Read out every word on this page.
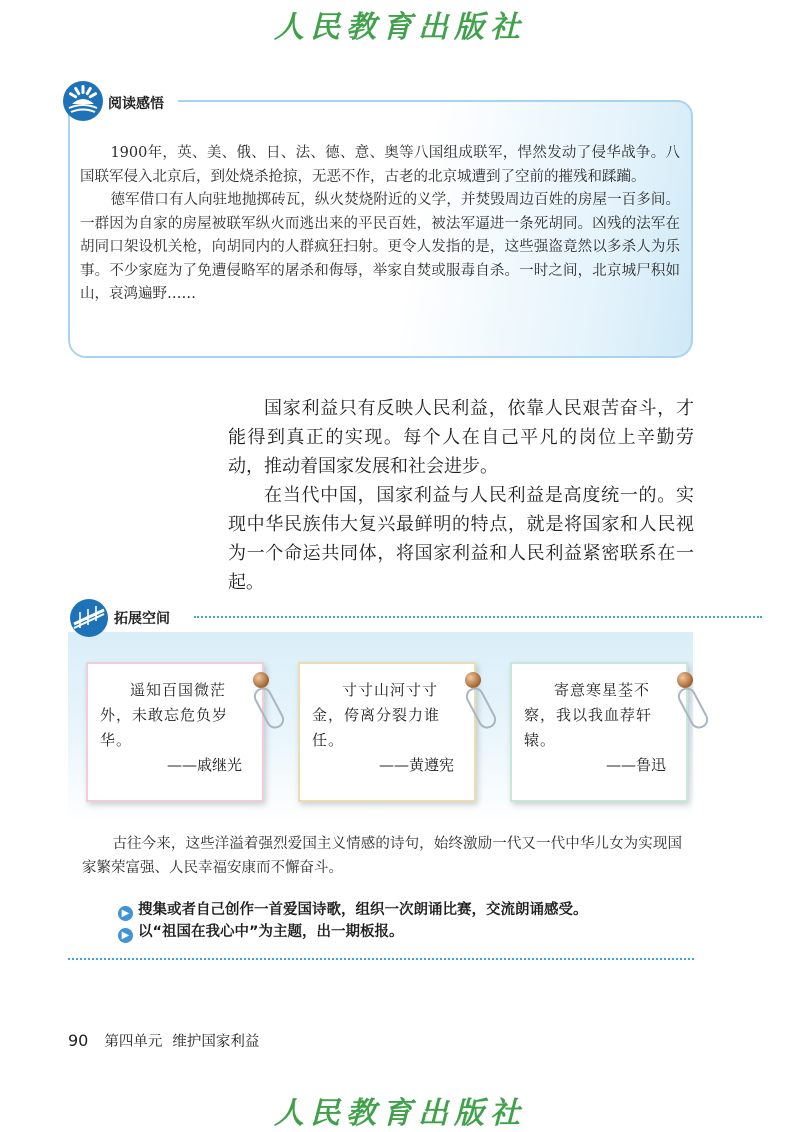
人民教育出版社
阅读感悟

1900年，英、美、俄、日、法、德、意、奥等八国组成联军，悍然发动了侵华战争。八国联军侵入北京后，到处烧杀抢掠，无恶不作，古老的北京城遭到了空前的摧残和蹂躏。

德军借口有人向驻地抛掷砖瓦，纵火焚烧附近的义学，并焚毁周边百姓的房屋一百多间。一群因为自家的房屋被联军纵火而逃出来的平民百姓，被法军逼进一条死胡同。凶残的法军在胡同口架设机关枪，向胡同内的人群疯狂扫射。更令人发指的是，这些强盗竟然以多杀人为乐事。不少家庭为了免遭侵略军的屠杀和侮辱，举家自焚或服毒自杀。一时之间，北京城尸积如山，哀鸿遍野……

国家利益只有反映人民利益，依靠人民艰苦奋斗，才能得到真正的实现。每个人在自己平凡的岗位上辛勤劳动，推动着国家发展和社会进步。

在当代中国，国家利益与人民利益是高度统一的。实现中华民族伟大复兴最鲜明的特点，就是将国家和人民视为一个命运共同体，将国家利益和人民利益紧密联系在一起。

拓展空间
遥知百国微茫外，未敢忘危负岁华。
——戚继光
寸寸山河寸寸金，侉离分裂力谁任。
——黄遵宪
寄意寒星荃不察，我以我血荐轩辕。
——鲁迅

古往今来，这些洋溢着强烈爱国主义情感的诗句，始终激励一代又一代中华儿女为实现国家繁荣富强、人民幸福安康而不懈奋斗。

▶ 搜集或者自己创作一首爱国诗歌，组织一次朗诵比赛，交流朗诵感受。
▶ 以“祖国在我心中”为主题，出一期板报。
90 第四单元 维护国家利益
人民教育出版社
